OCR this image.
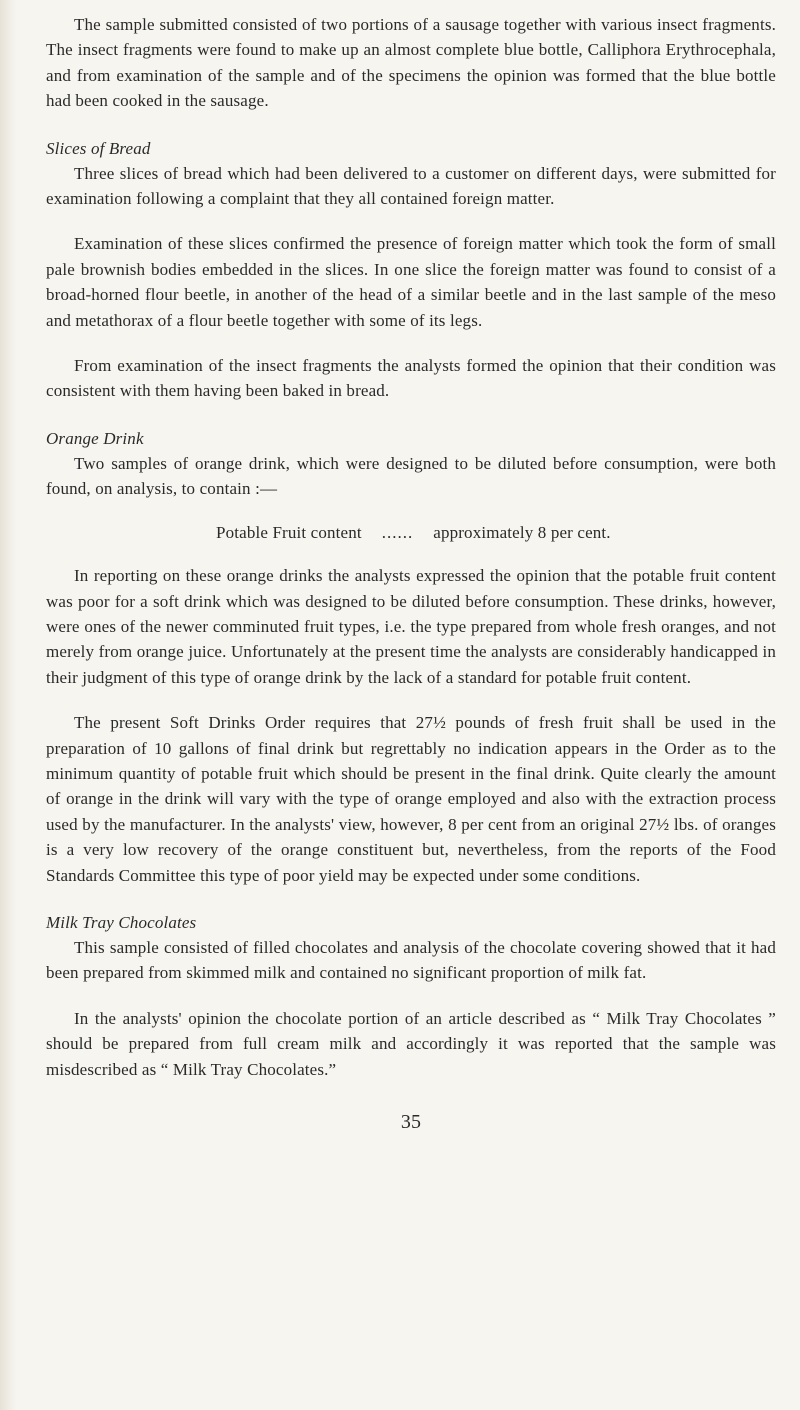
The sample submitted consisted of two portions of a sausage together with various insect fragments. The insect fragments were found to make up an almost complete blue bottle, Calliphora Erythrocephala, and from examination of the sample and of the specimens the opinion was formed that the blue bottle had been cooked in the sausage.

Slices of Bread

Three slices of bread which had been delivered to a customer on different days, were submitted for examination following a complaint that they all contained foreign matter.

Examination of these slices confirmed the presence of foreign matter which took the form of small pale brownish bodies embedded in the slices. In one slice the foreign matter was found to consist of a broad-horned flour beetle, in another of the head of a similar beetle and in the last sample of the meso and metathorax of a flour beetle together with some of its legs.

From examination of the insect fragments the analysts formed the opinion that their condition was consistent with them having been baked in bread.

Orange Drink

Two samples of orange drink, which were designed to be diluted before consumption, were both found, on analysis, to contain :—

Potable Fruit content ...... approximately 8 per cent.

In reporting on these orange drinks the analysts expressed the opinion that the potable fruit content was poor for a soft drink which was designed to be diluted before consumption. These drinks, however, were ones of the newer comminuted fruit types, i.e. the type prepared from whole fresh oranges, and not merely from orange juice. Unfortunately at the present time the analysts are considerably handicapped in their judgment of this type of orange drink by the lack of a standard for potable fruit content.

The present Soft Drinks Order requires that 27½ pounds of fresh fruit shall be used in the preparation of 10 gallons of final drink but regrettably no indication appears in the Order as to the minimum quantity of potable fruit which should be present in the final drink. Quite clearly the amount of orange in the drink will vary with the type of orange employed and also with the extraction process used by the manufacturer. In the analysts' view, however, 8 per cent from an original 27½ lbs. of oranges is a very low recovery of the orange constituent but, nevertheless, from the reports of the Food Standards Committee this type of poor yield may be expected under some conditions.

Milk Tray Chocolates

This sample consisted of filled chocolates and analysis of the chocolate covering showed that it had been prepared from skimmed milk and contained no significant proportion of milk fat.

In the analysts' opinion the chocolate portion of an article described as “ Milk Tray Chocolates ” should be prepared from full cream milk and accordingly it was reported that the sample was misdescribed as “ Milk Tray Chocolates.”

35
